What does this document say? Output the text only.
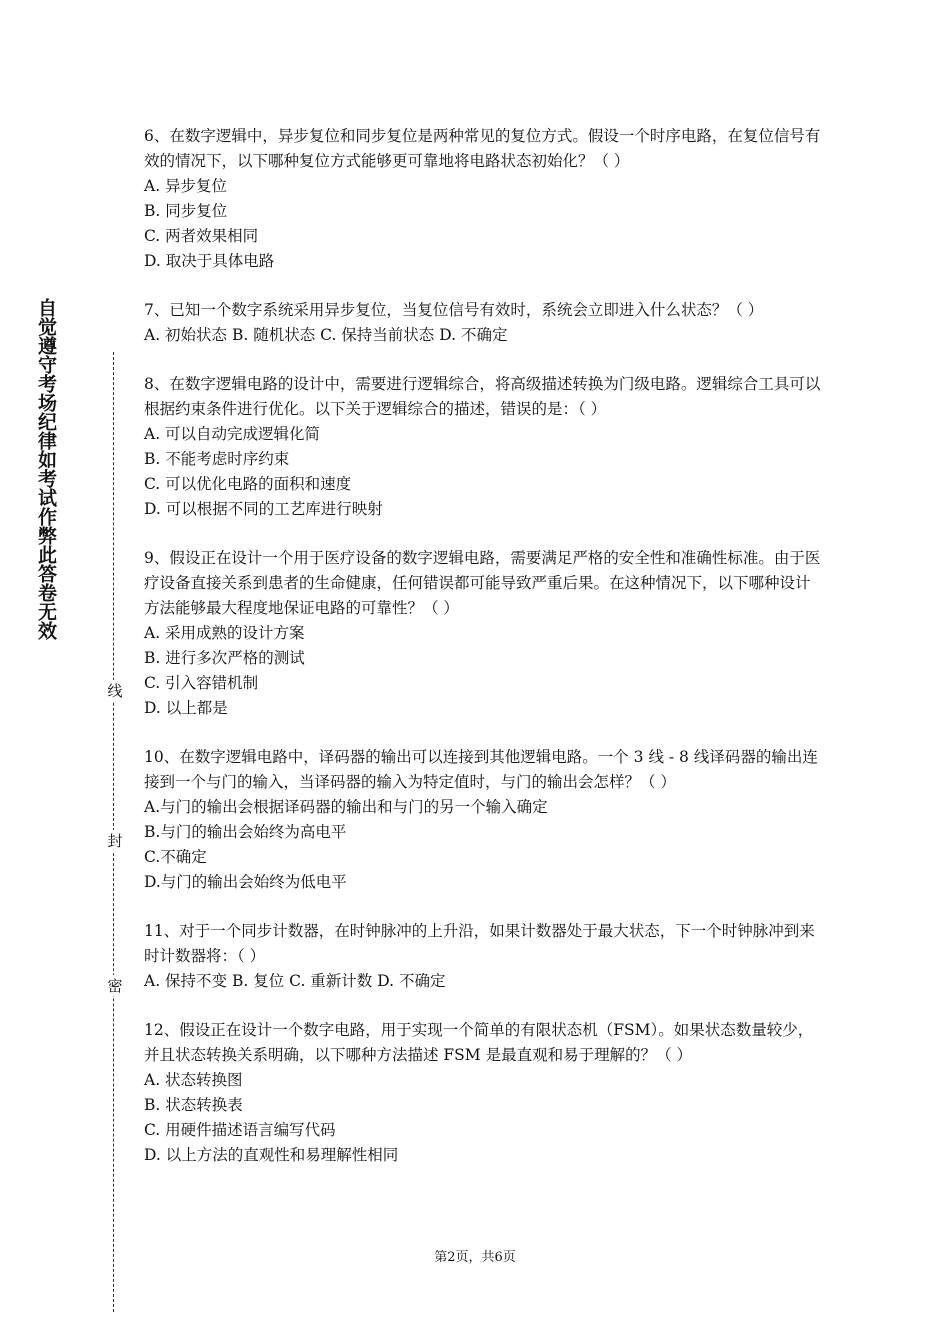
自觉遵守考场纪律如考试作弊此答卷无效
线
封
密

6、在数字逻辑中，异步复位和同步复位是两种常见的复位方式。假设一个时序电路，在复位信号有效的情况下，以下哪种复位方式能够更可靠地将电路状态初始化？（ ）

A. 异步复位

B. 同步复位

C. 两者效果相同

D. 取决于具体电路

7、已知一个数字系统采用异步复位，当复位信号有效时，系统会立即进入什么状态？（ ）

A. 初始状态 B. 随机状态 C. 保持当前状态 D. 不确定

8、在数字逻辑电路的设计中，需要进行逻辑综合，将高级描述转换为门级电路。逻辑综合工具可以根据约束条件进行优化。以下关于逻辑综合的描述，错误的是：（ ）

A. 可以自动完成逻辑化简

B. 不能考虑时序约束

C. 可以优化电路的面积和速度

D. 可以根据不同的工艺库进行映射

9、假设正在设计一个用于医疗设备的数字逻辑电路，需要满足严格的安全性和准确性标准。由于医疗设备直接关系到患者的生命健康，任何错误都可能导致严重后果。在这种情况下，以下哪种设计方法能够最大程度地保证电路的可靠性？（ ）

A. 采用成熟的设计方案

B. 进行多次严格的测试

C. 引入容错机制

D. 以上都是

10、在数字逻辑电路中，译码器的输出可以连接到其他逻辑电路。一个 3 线 - 8 线译码器的输出连接到一个与门的输入，当译码器的输入为特定值时，与门的输出会怎样？（ ）

A.与门的输出会根据译码器的输出和与门的另一个输入确定

B.与门的输出会始终为高电平

C.不确定

D.与门的输出会始终为低电平

11、对于一个同步计数器，在时钟脉冲的上升沿，如果计数器处于最大状态，下一个时钟脉冲到来时计数器将：（ ）

A. 保持不变 B. 复位 C. 重新计数 D. 不确定

12、假设正在设计一个数字电路，用于实现一个简单的有限状态机（FSM）。如果状态数量较少，并且状态转换关系明确，以下哪种方法描述 FSM 是最直观和易于理解的？（ ）

A. 状态转换图

B. 状态转换表

C. 用硬件描述语言编写代码

D. 以上方法的直观性和易理解性相同

第2页，共6页
